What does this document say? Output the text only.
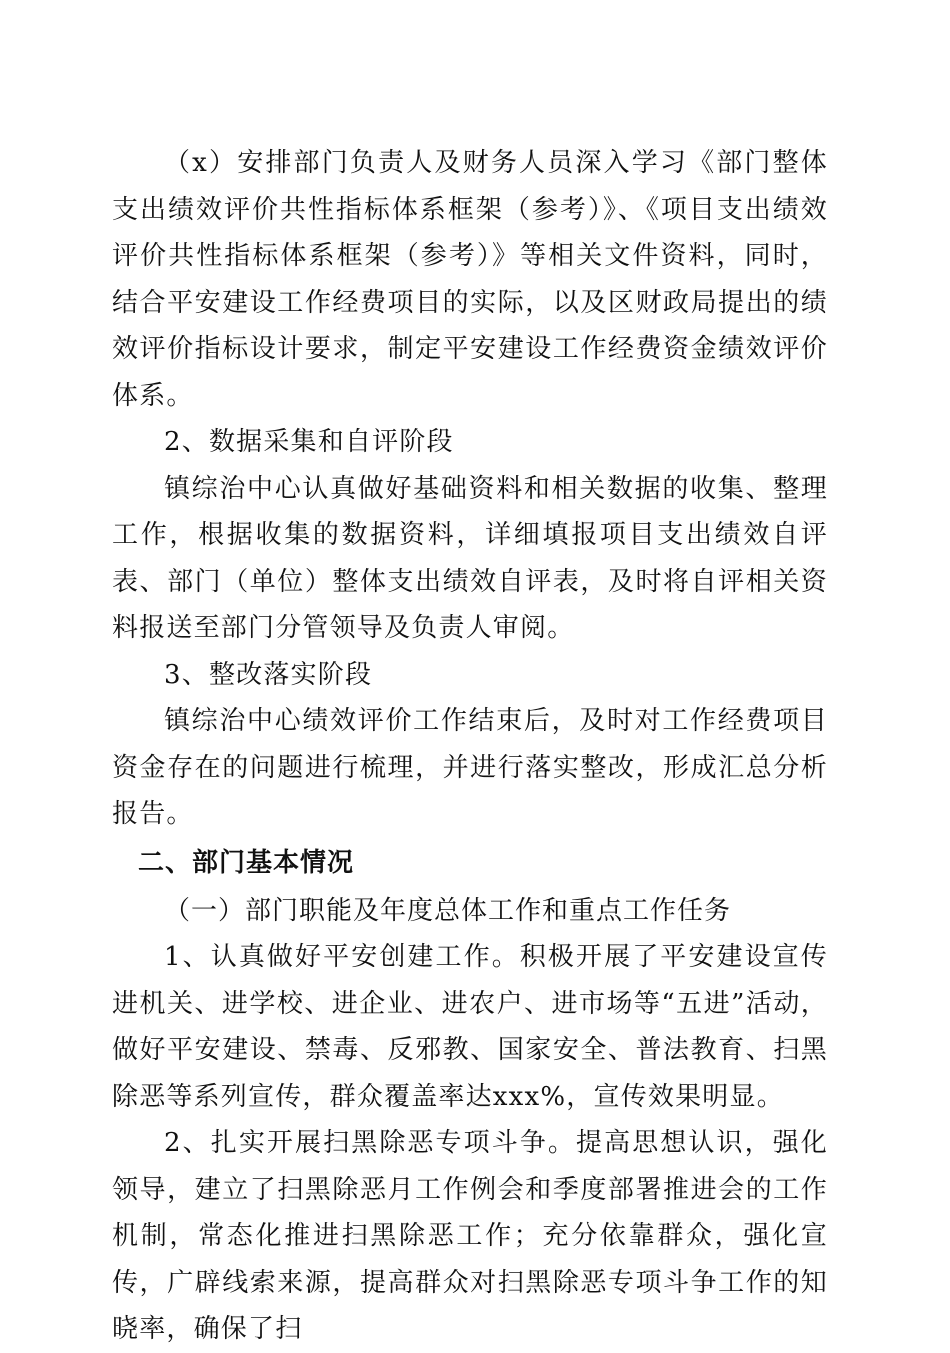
（x）安排部门负责人及财务人员深入学习《部门整体支出绩效评价共性指标体系框架（参考）》、《项目支出绩效评价共性指标体系框架（参考）》等相关文件资料，同时，结合平安建设工作经费项目的实际，以及区财政局提出的绩效评价指标设计要求，制定平安建设工作经费资金绩效评价体系。

2、数据采集和自评阶段

镇综治中心认真做好基础资料和相关数据的收集、整理工作，根据收集的数据资料，详细填报项目支出绩效自评表、部门（单位）整体支出绩效自评表，及时将自评相关资料报送至部门分管领导及负责人审阅。

3、整改落实阶段

镇综治中心绩效评价工作结束后，及时对工作经费项目资金存在的问题进行梳理，并进行落实整改，形成汇总分析报告。

二、部门基本情况

（一）部门职能及年度总体工作和重点工作任务

1、认真做好平安创建工作。积极开展了平安建设宣传进机关、进学校、进企业、进农户、进市场等“五进”活动，做好平安建设、禁毒、反邪教、国家安全、普法教育、扫黑除恶等系列宣传，群众覆盖率达xxx%，宣传效果明显。

2、扎实开展扫黑除恶专项斗争。提高思想认识，强化领导，建立了扫黑除恶月工作例会和季度部署推进会的工作机制，常态化推进扫黑除恶工作；充分依靠群众，强化宣传，广辟线索来源，提高群众对扫黑除恶专项斗争工作的知晓率，确保了扫
